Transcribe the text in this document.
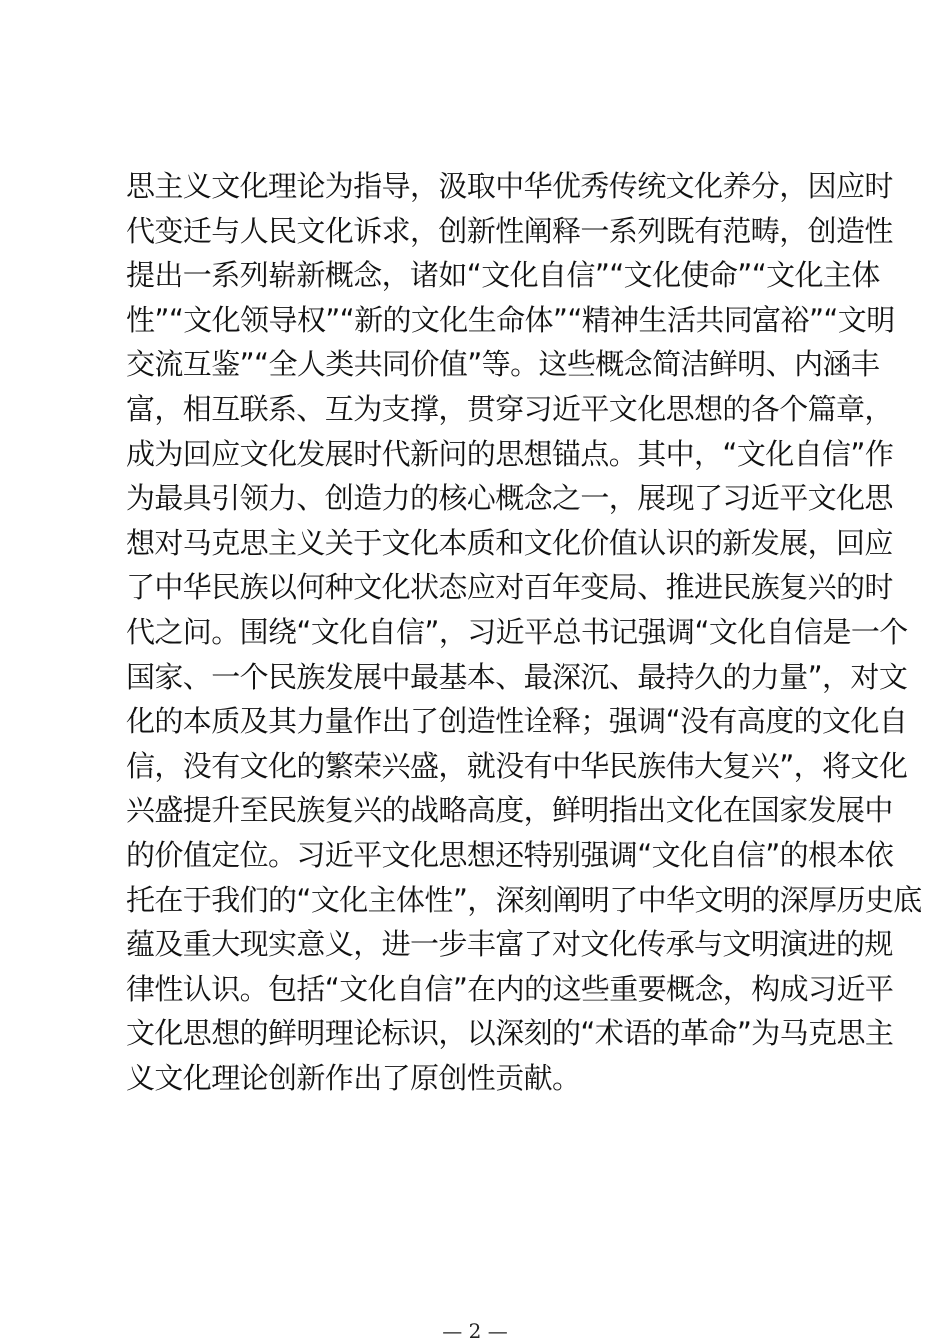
思主义文化理论为指导，汲取中华优秀传统文化养分，因应时
代变迁与人民文化诉求，创新性阐释一系列既有范畴，创造性
提出一系列崭新概念，诸如“文化自信”“文化使命”“文化主体
性”“文化领导权”“新的文化生命体”“精神生活共同富裕”“文明
交流互鉴”“全人类共同价值”等。这些概念简洁鲜明、内涵丰
富，相互联系、互为支撑，贯穿习近平文化思想的各个篇章，
成为回应文化发展时代新问的思想锚点。其中，“文化自信”作
为最具引领力、创造力的核心概念之一，展现了习近平文化思
想对马克思主义关于文化本质和文化价值认识的新发展，回应
了中华民族以何种文化状态应对百年变局、推进民族复兴的时
代之问。围绕“文化自信”，习近平总书记强调“文化自信是一个
国家、一个民族发展中最基本、最深沉、最持久的力量”，对文
化的本质及其力量作出了创造性诠释；强调“没有高度的文化自
信，没有文化的繁荣兴盛，就没有中华民族伟大复兴”，将文化
兴盛提升至民族复兴的战略高度，鲜明指出文化在国家发展中
的价值定位。习近平文化思想还特别强调“文化自信”的根本依
托在于我们的“文化主体性”，深刻阐明了中华文明的深厚历史底
蕴及重大现实意义，进一步丰富了对文化传承与文明演进的规
律性认识。包括“文化自信”在内的这些重要概念，构成习近平
文化思想的鲜明理论标识，以深刻的“术语的革命”为马克思主
义文化理论创新作出了原创性贡献。
— 2 —
